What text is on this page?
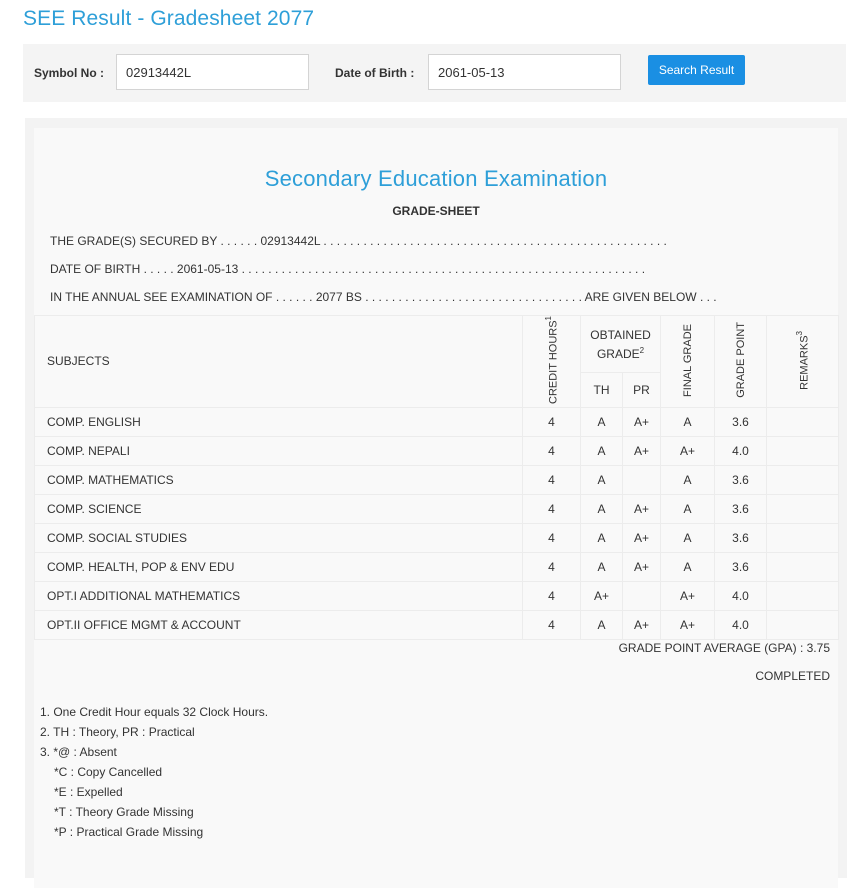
SEE Result - Gradesheet 2077
Symbol No :
02913442L	Date of Birth :
2061-05-13	Search Result
Secondary Education Examination
GRADE-SHEET
THE GRADE(S) SECURED BY . . . . . . 02913442L . . . . . . . . . . . . . . . . . . . . . . . . . . . . . . . . . . . . . . . . . . . . . . . . . . . .
DATE OF BIRTH . . . . . 2061-05-13 . . . . . . . . . . . . . . . . . . . . . . . . . . . . . . . . . . . . . . . . . . . . . . . . . . . . . . . . . . . . .
IN THE ANNUAL SEE EXAMINATION OF . . . . . . 2077 BS . . . . . . . . . . . . . . . . . . . . . . . . . . . . . . . . . ARE GIVEN BELOW . . .
SUBJECTS	CREDIT HOURS$^1$	OBTAINED GRADE$^2$		FINAL GRADE	GRADE POINT	REMARKS$^3$
		TH	PR			
COMP. ENGLISH	4	A	A+	A	3.6	
COMP. NEPALI	4	A	A+	A+	4.0	
COMP. MATHEMATICS	4	A		A	3.6	
COMP. SCIENCE	4	A	A+	A	3.6	
COMP. SOCIAL STUDIES	4	A	A+	A	3.6	
COMP. HEALTH, POP & ENV EDU	4	A	A+	A	3.6	
OPT.I ADDITIONAL MATHEMATICS	4	A+		A+	4.0	
OPT.II OFFICE MGMT & ACCOUNT	4	A	A+	A+	4.0	
GRADE POINT AVERAGE (GPA) : 3.75
COMPLETED
1. One Credit Hour equals 32 Clock Hours.
2. TH : Theory, PR : Practical
3. *@ : Absent
*C : Copy Cancelled
*E : Expelled
*T : Theory Grade Missing
*P : Practical Grade Missing
